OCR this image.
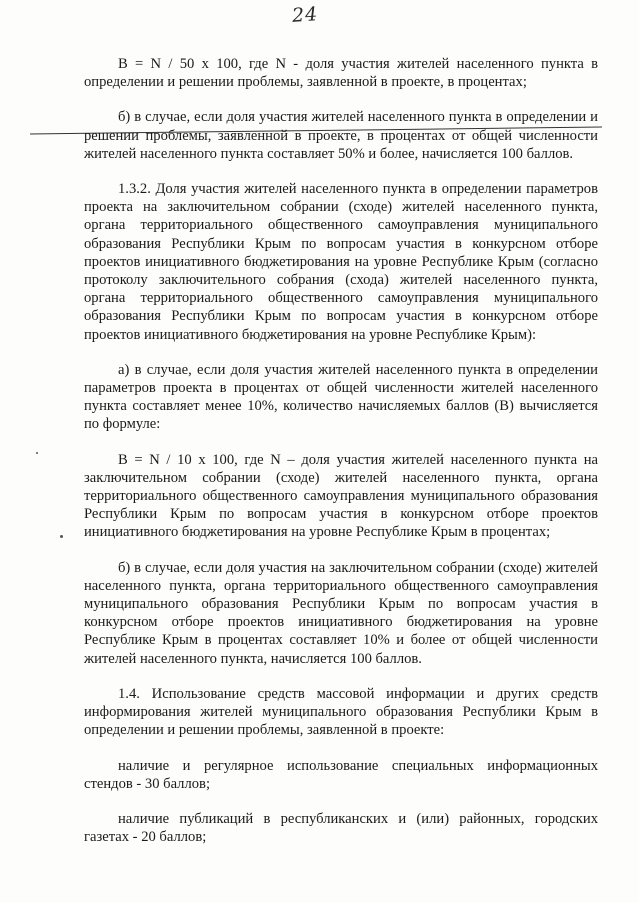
24

B = N / 50 x 100, где N - доля участия жителей населенного пункта в определении и решении проблемы, заявленной в проекте, в процентах;

б) в случае, если доля участия жителей населенного пункта в определении и решении проблемы, заявленной в проекте, в процентах от общей численности жителей населенного пункта составляет 50% и более, начисляется 100 баллов.

1.3.2. Доля участия жителей населенного пункта в определении параметров проекта на заключительном собрании (сходе) жителей населенного пункта, органа территориального общественного самоуправления муниципального образования Республики Крым по вопросам участия в конкурсном отборе проектов инициативного бюджетирования на уровне Республике Крым (согласно протоколу заключительного собрания (схода) жителей населенного пункта, органа территориального общественного самоуправления муниципального образования Республики Крым по вопросам участия в конкурсном отборе проектов инициативного бюджетирования на уровне Республике Крым):

а) в случае, если доля участия жителей населенного пункта в определении параметров проекта в процентах от общей численности жителей населенного пункта составляет менее 10%, количество начисляемых баллов (B) вычисляется по формуле:

B = N / 10 x 100, где N – доля участия жителей населенного пункта на заключительном собрании (сходе) жителей населенного пункта, органа территориального общественного самоуправления муниципального образования Республики Крым по вопросам участия в конкурсном отборе проектов инициативного бюджетирования на уровне Республике Крым в процентах;

б) в случае, если доля участия на заключительном собрании (сходе) жителей населенного пункта, органа территориального общественного самоуправления муниципального образования Республики Крым по вопросам участия в конкурсном отборе проектов инициативного бюджетирования на уровне Республике Крым в процентах составляет 10% и более от общей численности жителей населенного пункта, начисляется 100 баллов.

1.4. Использование средств массовой информации и других средств информирования жителей муниципального образования Республики Крым в определении и решении проблемы, заявленной в проекте:

наличие и регулярное использование специальных информационных стендов - 30 баллов;

наличие публикаций в республиканских и (или) районных, городских газетах - 20 баллов;
